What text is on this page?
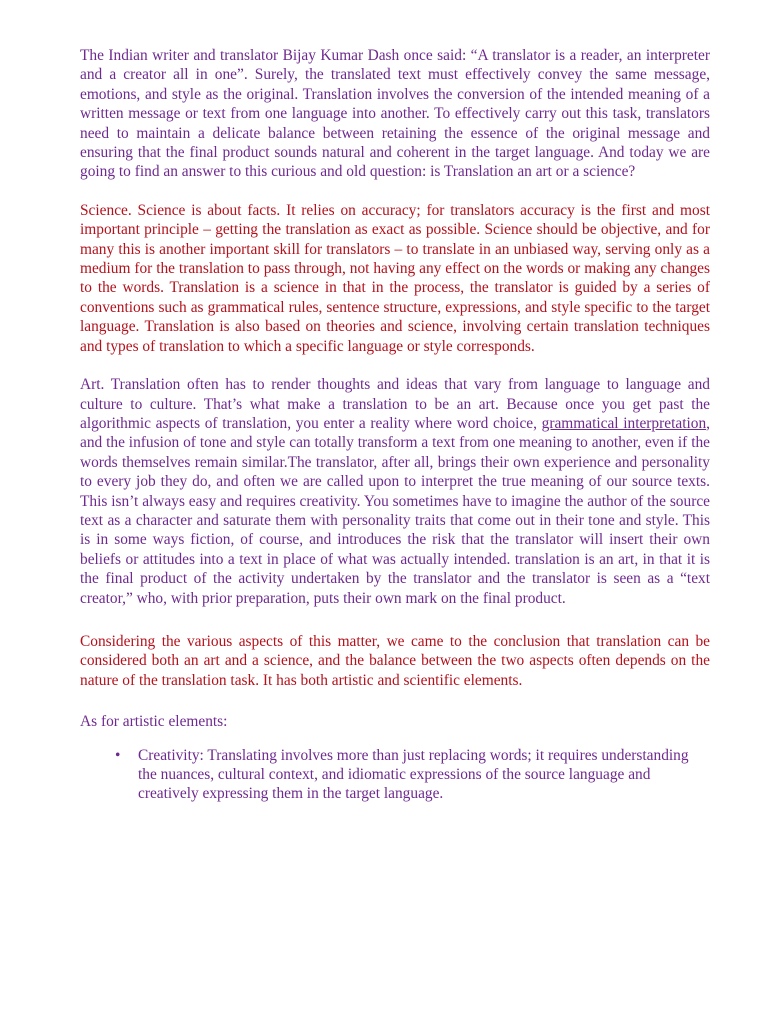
The Indian writer and translator Bijay Kumar Dash once said: “A translator is a reader, an interpreter and a creator all in one”. Surely, the translated text must effectively convey the same message, emotions, and style as the original. Translation involves the conversion of the intended meaning of a written message or text from one language into another. To effectively carry out this task, translators need to maintain a delicate balance between retaining the essence of the original message and ensuring that the final product sounds natural and coherent in the target language. And today we are going to find an answer to this curious and old question: is Translation an art or a science?

Science. Science is about facts. It relies on accuracy; for translators accuracy is the first and most important principle – getting the translation as exact as possible. Science should be objective, and for many this is another important skill for translators – to translate in an unbiased way, serving only as a medium for the translation to pass through, not having any effect on the words or making any changes to the words. Translation is a science in that in the process, the translator is guided by a series of conventions such as grammatical rules, sentence structure, expressions, and style specific to the target language. Translation is also based on theories and science, involving certain translation techniques and types of translation to which a specific language or style corresponds.

Art. Translation often has to render thoughts and ideas that vary from language to language and culture to culture. That’s what make a translation to be an art. Because once you get past the algorithmic aspects of translation, you enter a reality where word choice, grammatical interpretation, and the infusion of tone and style can totally transform a text from one meaning to another, even if the words themselves remain similar.The translator, after all, brings their own experience and personality to every job they do, and often we are called upon to interpret the true meaning of our source texts. This isn’t always easy and requires creativity. You sometimes have to imagine the author of the source text as a character and saturate them with personality traits that come out in their tone and style. This is in some ways fiction, of course, and introduces the risk that the translator will insert their own beliefs or attitudes into a text in place of what was actually intended. translation is an art, in that it is the final product of the activity undertaken by the translator and the translator is seen as a “text creator,” who, with prior preparation, puts their own mark on the final product.

Considering the various aspects of this matter, we came to the conclusion that translation can be considered both an art and a science, and the balance between the two aspects often depends on the nature of the translation task. It has both artistic and scientific elements.

As for artistic elements:

• Creativity: Translating involves more than just replacing words; it requires understanding the nuances, cultural context, and idiomatic expressions of the source language and creatively expressing them in the target language.
